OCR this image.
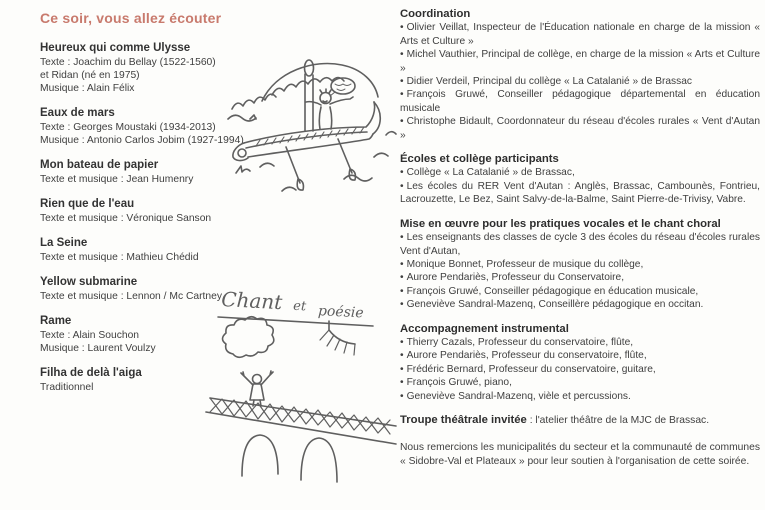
Ce soir, vous allez écouter
Heureux qui comme Ulysse
Texte : Joachim du Bellay (1522-1560)
et Ridan (né en 1975)
Musique : Alain Félix
Eaux de mars
Texte : Georges Moustaki (1934-2013)
Musique : Antonio Carlos Jobim (1927-1994)
Mon bateau de papier
Texte et musique : Jean Humenry
Rien que de l'eau
Texte et musique : Véronique Sanson
La Seine
Texte et musique : Mathieu Chédid
Yellow submarine
Texte et musique : Lennon / Mc Cartney
Rame
Texte : Alain Souchon
Musique : Laurent Voulzy
Filha de delà l'aiga
Traditionnel
Chant et poésie

Coordination

• Olivier Veillat, Inspecteur de l'Éducation nationale en charge de la mission « Arts et Culture »

• Michel Vauthier, Principal de collège, en charge de la mission « Arts et Culture »

• Didier Verdeil, Principal du collège « La Catalanié » de Brassac

• François Gruwé, Conseiller pédagogique départemental en éducation musicale

• Christophe Bidault, Coordonnateur du réseau d'écoles rurales « Vent d'Autan »

Écoles et collège participants

• Collège « La Catalanié » de Brassac,

• Les écoles du RER Vent d'Autan : Anglès, Brassac, Cambounès, Fontrieu, Lacrouzette, Le Bez, Saint Salvy-de-la-Balme, Saint Pierre-de-Trivisy, Vabre.

Mise en œuvre pour les pratiques vocales et le chant choral

• Les enseignants des classes de cycle 3 des écoles du réseau d'écoles rurales Vent d'Autan,

• Monique Bonnet, Professeur de musique du collège,

• Aurore Pendariès, Professeur du Conservatoire,

• François Gruwé, Conseiller pédagogique en éducation musicale,

• Geneviève Sandral-Mazenq, Conseillère pédagogique en occitan.

Accompagnement instrumental

• Thierry Cazals, Professeur du conservatoire, flûte,

• Aurore Pendariès, Professeur du conservatoire, flûte,

• Frédéric Bernard, Professeur du conservatoire, guitare,

• François Gruwé, piano,

• Geneviève Sandral-Mazenq, vièle et percussions.

Troupe théâtrale invitée : l'atelier théâtre de la MJC de Brassac.

Nous remercions les municipalités du secteur et la communauté de communes « Sidobre-Val et Plateaux » pour leur soutien à l'organisation de cette soirée.
